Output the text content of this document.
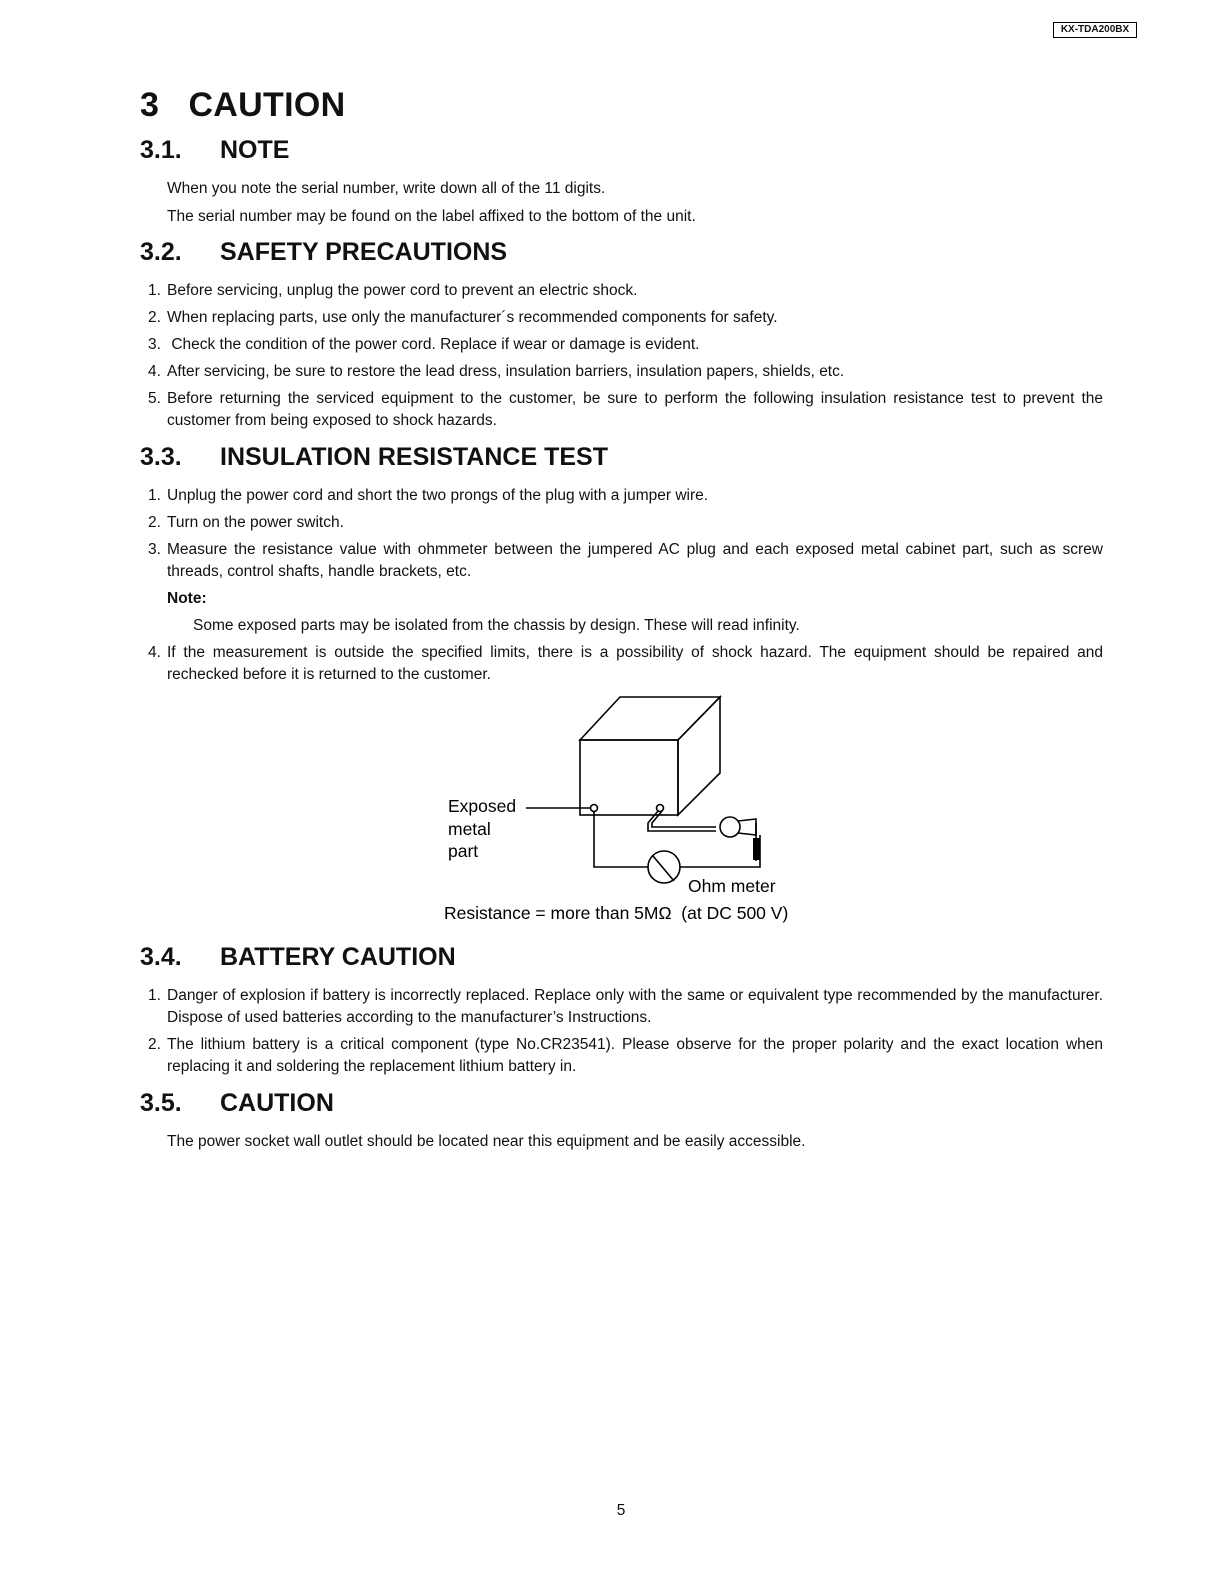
KX-TDA200BX
3   CAUTION
3.1. NOTE

When you note the serial number, write down all of the 11 digits.

The serial number may be found on the label affixed to the bottom of the unit.

3.2. SAFETY PRECAUTIONS
1. Before servicing, unplug the power cord to prevent an electric shock.
2. When replacing parts, use only the manufacturer´s recommended components for safety.
3. Check the condition of the power cord. Replace if wear or damage is evident.
4. After servicing, be sure to restore the lead dress, insulation barriers, insulation papers, shields, etc.
5. Before returning the serviced equipment to the customer, be sure to perform the following insulation resistance test to prevent the customer from being exposed to shock hazards.
3.3. INSULATION RESISTANCE TEST
1. Unplug the power cord and short the two prongs of the plug with a jumper wire.
2. Turn on the power switch.
3. Measure the resistance value with ohmmeter between the jumpered AC plug and each exposed metal cabinet part, such as screw threads, control shafts, handle brackets, etc.
Note:
Some exposed parts may be isolated from the chassis by design. These will read infinity.
4. If the measurement is outside the specified limits, there is a possibility of shock hazard. The equipment should be repaired and rechecked before it is returned to the customer.
Exposed
metal
part
Ohm meter
Resistance = more than 5MΩ  (at DC 500 V)
3.4. BATTERY CAUTION
1. Danger of explosion if battery is incorrectly replaced. Replace only with the same or equivalent type recommended by the manufacturer. Dispose of used batteries according to the manufacturer’s Instructions.
2. The lithium battery is a critical component (type No.CR23541). Please observe for the proper polarity and the exact location when replacing it and soldering the replacement lithium battery in.
3.5. CAUTION

The power socket wall outlet should be located near this equipment and be easily accessible.

5
